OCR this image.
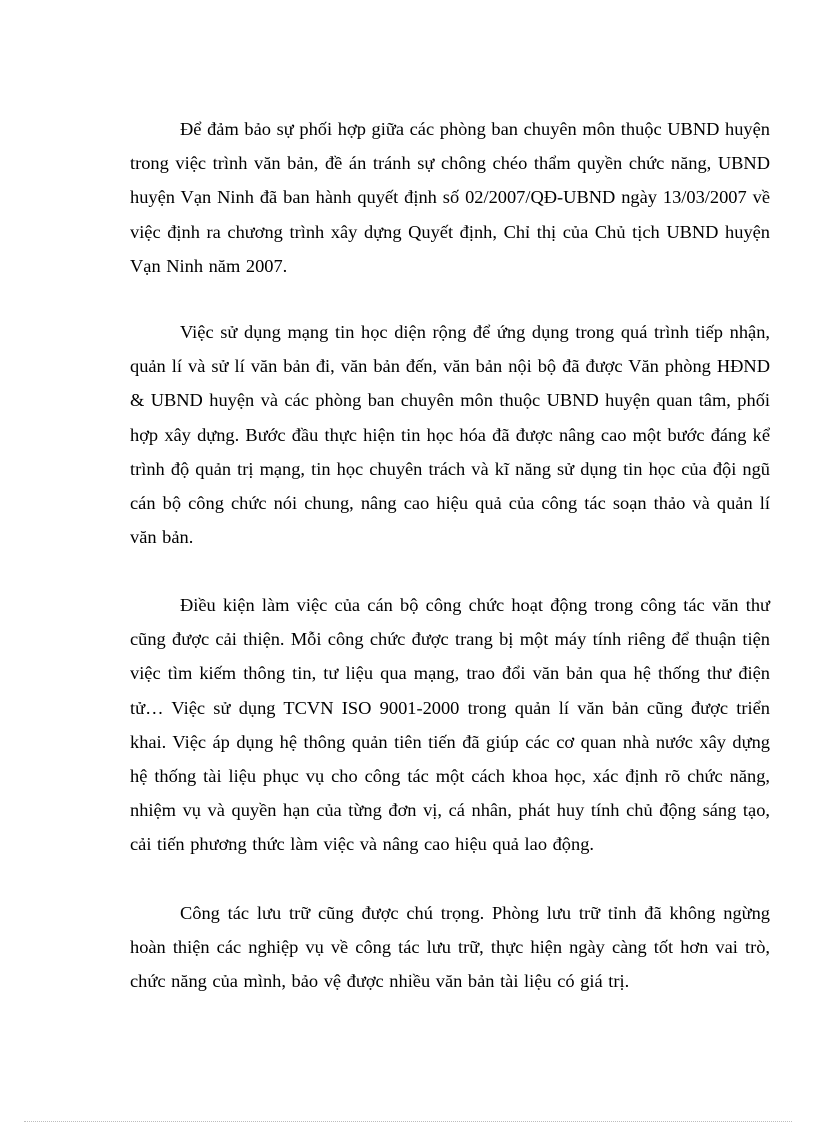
Để đảm bảo sự phối hợp giữa các phòng ban chuyên môn thuộc UBND huyện trong việc trình văn bản, đề án tránh sự chông chéo thẩm quyền chức năng, UBND huyện Vạn Ninh đã ban hành quyết định số 02/2007/QĐ-UBND ngày 13/03/2007 về việc định ra chương trình xây dựng Quyết định, Chỉ thị của Chủ tịch UBND huyện Vạn Ninh năm 2007.

Việc sử dụng mạng tin học diện rộng để ứng dụng trong quá trình tiếp nhận, quản lí và sử lí văn bản đi, văn bản đến, văn bản nội bộ đã được Văn phòng HĐND & UBND huyện và các phòng ban chuyên môn thuộc UBND huyện quan tâm, phối hợp xây dựng. Bước đầu thực hiện tin học hóa đã được nâng cao một bước đáng kể trình độ quản trị mạng, tin học chuyên trách và kĩ năng sử dụng tin học của đội ngũ cán bộ công chức nói chung, nâng cao hiệu quả của công tác soạn thảo và quản lí văn bản.

Điều kiện làm việc của cán bộ công chức hoạt động trong công tác văn thư cũng được cải thiện. Mỗi công chức được trang bị một máy tính riêng để thuận tiện việc tìm kiếm thông tin, tư liệu qua mạng, trao đổi văn bản qua hệ thống thư điện tử… Việc sử dụng TCVN ISO 9001-2000 trong quản lí văn bản cũng được triển khai. Việc áp dụng hệ thông quản tiên tiến đã giúp các cơ quan nhà nước xây dựng hệ thống tài liệu phục vụ cho công tác một cách khoa học, xác định rõ chức năng, nhiệm vụ và quyền hạn của từng đơn vị, cá nhân, phát huy tính chủ động sáng tạo, cải tiến phương thức làm việc và nâng cao hiệu quả lao động.

Công tác lưu trữ cũng được chú trọng. Phòng lưu trữ tỉnh đã không ngừng hoàn thiện các nghiệp vụ về công tác lưu trữ, thực hiện ngày càng tốt hơn vai trò, chức năng của mình, bảo vệ được nhiều văn bản tài liệu có giá trị.
